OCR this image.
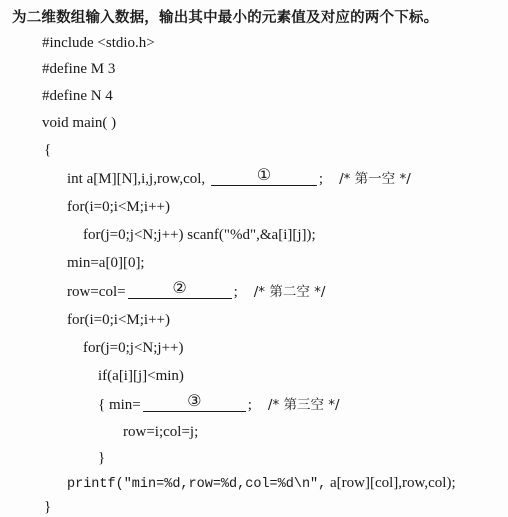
为二维数组输入数据，输出其中最小的元素值及对应的两个下标。
#include <stdio.h>
#define M 3
#define N 4
void main( )
{
int a[M][N],i,j,row,col,	①	; /* 第一空 */
for(i=0;i<M;i++)
for(j=0;j<N;j++) scanf("%d",&a[i][j]);
min=a[0][0];
row=col=	②	; /* 第二空 */
for(i=0;i<M;i++)
for(j=0;j<N;j++)
if(a[i][j]<min)
{ min=	③	; /* 第三空 */
row=i;col=j;
}
printf("min=%d,row=%d,col=%d\n", a[row][col],row,col);
}
